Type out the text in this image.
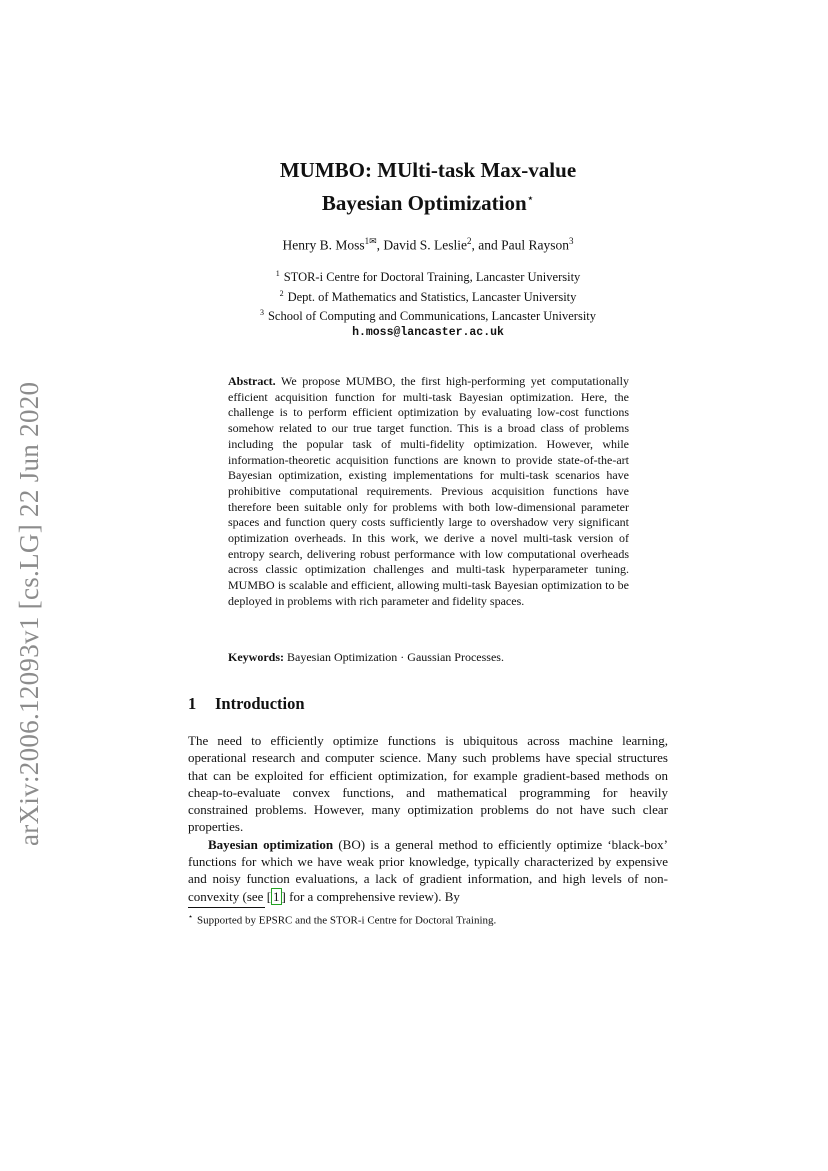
arXiv:2006.12093v1 [cs.LG] 22 Jun 2020
MUMBO: MUlti-task Max-value
Bayesian Optimization⋆
Henry B. Moss$^{1✉}$, David S. Leslie$^2$, and Paul Rayson$^3$
$^1$ STOR-i Centre for Doctoral Training, Lancaster University
$^2$ Dept. of Mathematics and Statistics, Lancaster University
$^3$ School of Computing and Communications, Lancaster University
h.moss@lancaster.ac.uk
Abstract. We propose MUMBO, the first high-performing yet computationally efficient acquisition function for multi-task Bayesian optimization. Here, the challenge is to perform efficient optimization by evaluating low-cost functions somehow related to our true target function. This is a broad class of problems including the popular task of multi-fidelity optimization. However, while information-theoretic acquisition functions are known to provide state-of-the-art Bayesian optimization, existing implementations for multi-task scenarios have prohibitive computational requirements. Previous acquisition functions have therefore been suitable only for problems with both low-dimensional parameter spaces and function query costs sufficiently large to overshadow very significant optimization overheads. In this work, we derive a novel multi-task version of entropy search, delivering robust performance with low computational overheads across classic optimization challenges and multi-task hyperparameter tuning. MUMBO is scalable and efficient, allowing multi-task Bayesian optimization to be deployed in problems with rich parameter and fidelity spaces.
Keywords: Bayesian Optimization · Gaussian Processes.
1 Introduction

The need to efficiently optimize functions is ubiquitous across machine learning, operational research and computer science. Many such problems have special structures that can be exploited for efficient optimization, for example gradient-based methods on cheap-to-evaluate convex functions, and mathematical programming for heavily constrained problems. However, many optimization problems do not have such clear properties.

Bayesian optimization (BO) is a general method to efficiently optimize ‘black-box’ functions for which we have weak prior knowledge, typically characterized by expensive and noisy function evaluations, a lack of gradient information, and high levels of non-convexity (see [ 1 ] for a comprehensive review). By

⋆ Supported by EPSRC and the STOR-i Centre for Doctoral Training.
